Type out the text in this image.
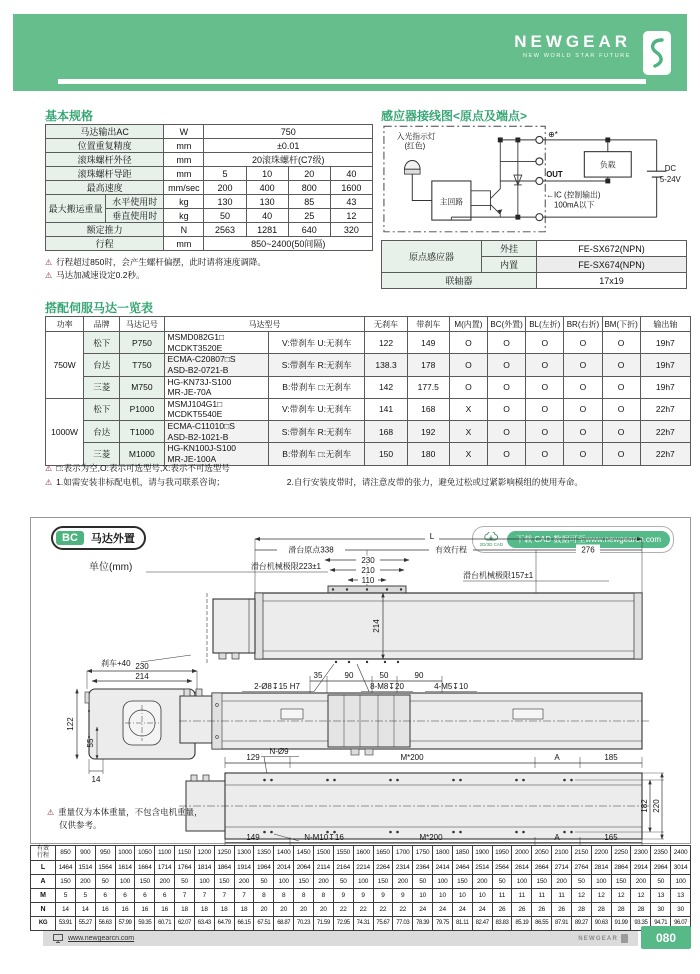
NEWGEAR
NEW WORLD STAR FUTURE
基本规格
马达输出AC		W	750			
位置重复精度		mm	±0.01			
滚珠螺杆外径		mm	20滚珠螺杆(C7级)			
滚珠螺杆导距		mm	5	10	20	40
最高速度		mm/sec	200	400	800	1600
最大搬运重量	水平使用时	kg	130	130	85	43
	垂直使用时	kg	50	40	25	12
额定推力		N	2563	1281	640	320
行程		mm	850~2400(50间隔)			
⚠ 行程超过850时，会产生螺杆偏摆，此时请将速度调降。
⚠ 马达加减速设定0.2秒。
感应器接线图<原点及端点>
入光指示灯
(红色)
主回路
⊕*
OUT
←IC (控制输出)
100mA以下
负载	DC
5-24V
原点感应器	外挂	FE-SX672(NPN)
	内置	FE-SX674(NPN)
联轴器		17x19
搭配伺服马达一览表
功率	品牌	马达记号	马达型号		无刹车	带刹车	M(内置)	BC(外置)	BL(左折)	BR(右折)	BM(下折)	输出轴
750W	松下	P750	MSMD082G1□
MCDKT3520E	V:带刹车 U:无刹车	122	149	O	O	O	O	O	19h7
	台达	T750	ECMA-C20807□S
ASD-B2-0721-B	S:带刹车 R:无刹车	138.3	178	O	O	O	O	O	19h7
	三菱	M750	HG-KN73J-S100
MR-JE-70A	B:带刹车 □:无刹车	142	177.5	O	O	O	O	O	19h7
1000W	松下	P1000	MSMJ104G1□
MCDKT5540E	V:带刹车 U:无刹车	141	168	X	O	O	O	O	22h7
	台达	T1000	ECMA-C11010□S
ASD-B2-1021-B	S:带刹车 R:无刹车	168	192	X	O	O	O	O	22h7
	三菱	M1000	HG-KN100J-S100
MR-JE-100A	B:带刹车 □:无刹车	150	180	X	O	O	O	O	22h7
⚠ □:表示为空,O:表示可选型号,X:表示不可选型号
⚠ 1.如需安装非标配电机，请与我司联系咨询；	2.自行安装皮带时，请注意皮带的张力，避免过松或过紧影响模组的使用寿命。
BC	马达外置
单位(mm)
2D/3D CAD
下载 CAD 数据可至www.newgearcn.com
L
滑台原点338	有效行程	276
230
210
110
滑台机械极限223±1
滑台机械极限157±1
214
刹车+40
2-Ø8↧15 H7	8-M8↧20	4-M5↧10
230
214
122
55
14
35	90	50	90
129	M*200	A	185
N-Ø9
182 220
149	N-M10↧16	M*200	A	165
⚠ 重量仅为本体重量，不包含电机重量，
仅供参考。
有效行程	850	900	950	1000	1050	1100	1150	1200	1250	1300	1350	1400	1450	1500	1550	1600	1650	1700	1750	1800	1850	1900	1950	2000	2050	2100	2150	2200	2250	2300	2350	2400
L	1464	1514	1564	1614	1664	1714	1764	1814	1864	1914	1964	2014	2064	2114	2164	2214	2264	2314	2364	2414	2464	2514	2564	2614	2664	2714	2764	2814	2864	2914	2964	3014
A	150	200	50	100	150	200	50	100	150	200	50	100	150	200	50	100	150	200	50	100	150	200	50	100	150	200	50	100	150	200	50	100
M	5	5	6	6	6	6	7	7	7	7	8	8	8	8	9	9	9	9	10	10	10	10	11	11	11	11	12	12	12	12	13	13
N	14	14	16	16	16	16	18	18	18	18	20	20	20	20	22	22	22	22	24	24	24	24	26	26	26	26	28	28	28	28	30	30
KG	53.91	55.27	56.63	57.99	59.35	60.71	62.07	63.43	64.79	66.15	67.51	68.87	70.23	71.59	72.95	74.31	75.67	77.03	78.39	79.75	81.11	82.47	83.83	85.19	86.55	87.91	89.27	90.63	91.99	93.35	94.71	96.07
www.newgearcn.com	NEWGEAR	080
